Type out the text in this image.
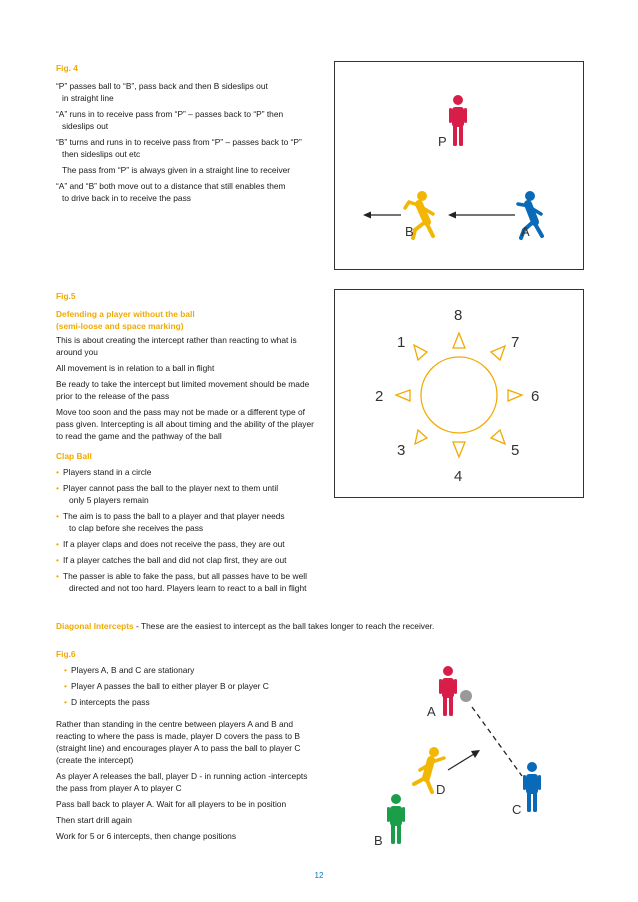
Fig. 4
“P” passes ball to “B”, pass back and then B sideslips out
in straight line
“A” runs in to receive pass from “P” – passes back to “P” then
sideslips out
“B” turns and runs in to receive pass from “P” – passes back to “P”
then sideslips out etc
The pass from “P” is always given in a straight line to receiver
“A” and “B” both move out to a distance that still enables them
to drive back in to receive the pass
P
B	A
Fig.5
Defending a player without the ball
(semi-loose and space marking)
This is about creating the intercept rather than reacting to what is around you
All movement is in relation to a ball in flight
Be ready to take the intercept but limited movement should be made prior to the release of the pass
Move too soon and the pass may not be made or a different type of pass given. Intercepting is all about timing and the ability of the player to read the game and the pathway of the ball
Clap Ball
• Players stand in a circle
• Player cannot pass the ball to the player next to them until
only 5 players remain
• The aim is to pass the ball to a player and that player needs
to clap before she receives the pass
• If a player claps and does not receive the pass, they are out
• If a player catches the ball and did not clap first, they are out
• The passer is able to fake the pass, but all passes have to be well
directed and not too hard. Players learn to react to a ball in flight
8
1	7
2	6
3	5
4
Diagonal Intercepts - These are the easiest to intercept as the ball takes longer to reach the receiver.
Fig.6
• Players A, B and C are stationary
• Player A passes the ball to either player B or player C
• D intercepts the pass
Rather than standing in the centre between players A and B and reacting to where the pass is made, player D covers the pass to B (straight line) and encourages player A to pass the ball to player C (create the intercept)
As player A releases the ball, player D - in running action -intercepts the pass from player A to player C
Pass ball back to player A. Wait for all players to be in position
Then start drill again
Work for 5 or 6 intercepts, then change positions
A
D
C
B
12
